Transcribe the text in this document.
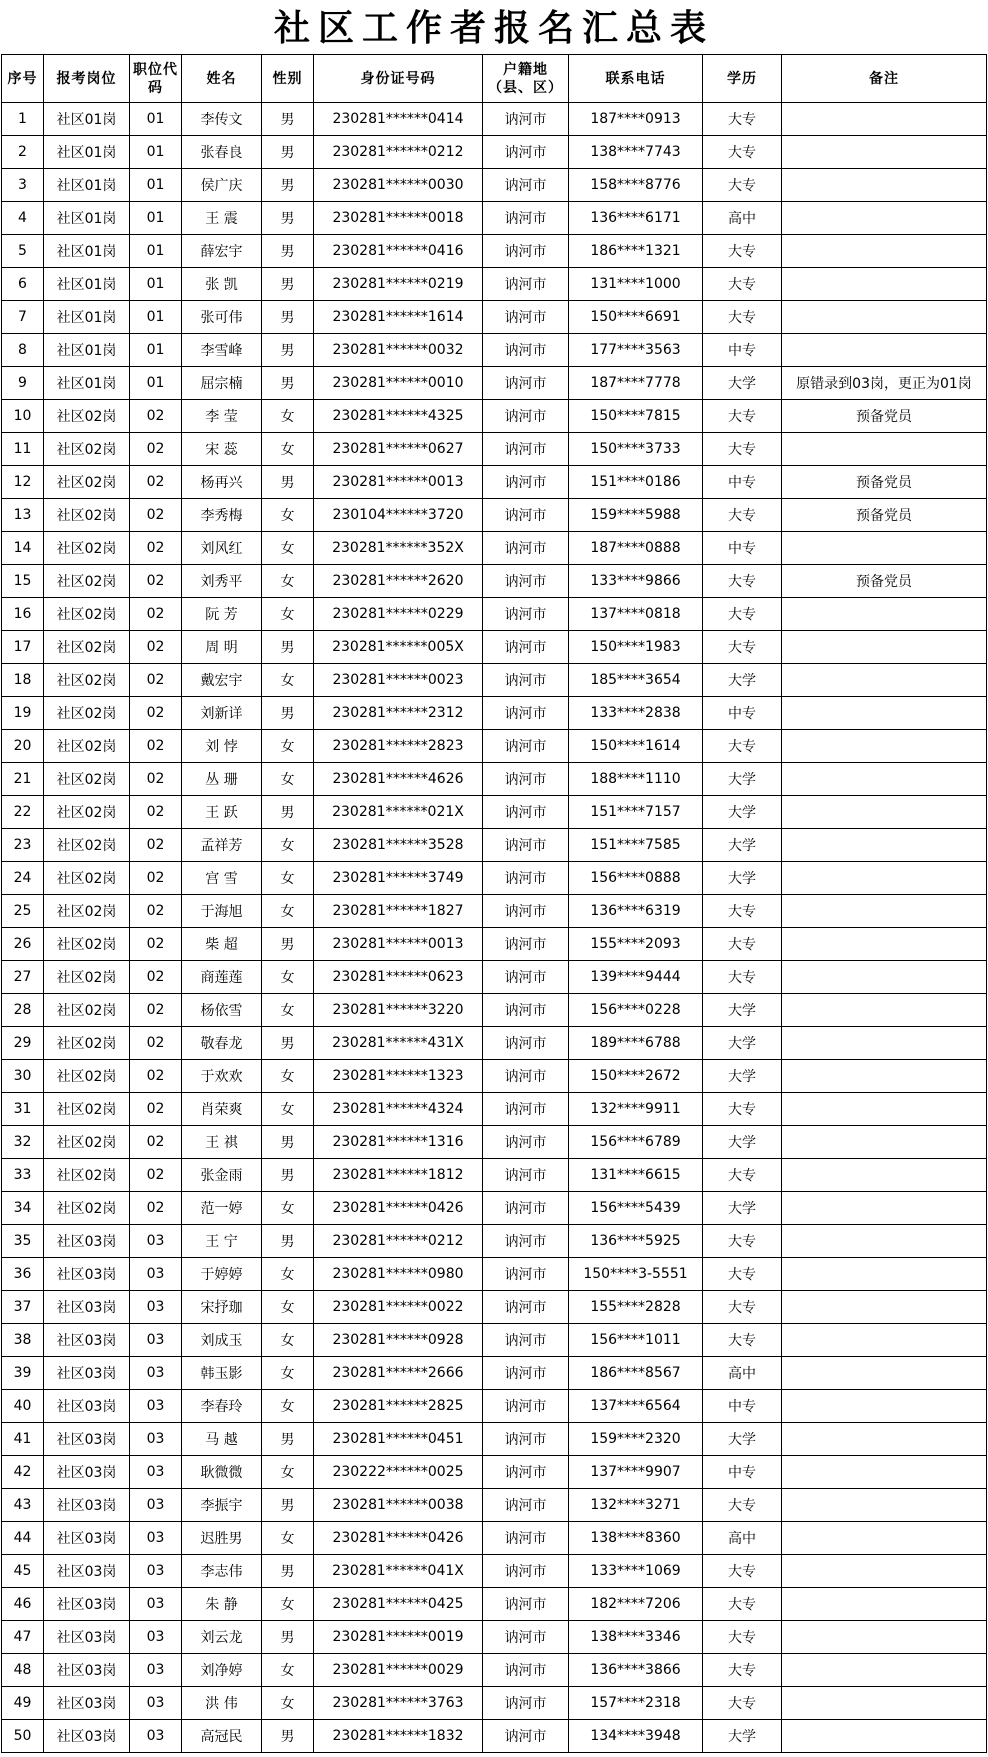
社区工作者报名汇总表
序号	报考岗位	职位代码	姓名	性别	身份证号码	户籍地（县、区）	联系电话	学历	备注
1	社区01岗	01	李传文	男	230281******0414	讷河市	187****0913	大专	
2	社区01岗	01	张春良	男	230281******0212	讷河市	138****7743	大专	
3	社区01岗	01	侯广庆	男	230281******0030	讷河市	158****8776	大专	
4	社区01岗	01	王 震	男	230281******0018	讷河市	136****6171	高中	
5	社区01岗	01	薛宏宇	男	230281******0416	讷河市	186****1321	大专	
6	社区01岗	01	张 凯	男	230281******0219	讷河市	131****1000	大专	
7	社区01岗	01	张可伟	男	230281******1614	讷河市	150****6691	大专	
8	社区01岗	01	李雪峰	男	230281******0032	讷河市	177****3563	中专	
9	社区01岗	01	屈宗楠	男	230281******0010	讷河市	187****7778	大学	原错录到03岗，更正为01岗
10	社区02岗	02	李 莹	女	230281******4325	讷河市	150****7815	大专	预备党员
11	社区02岗	02	宋 蕊	女	230281******0627	讷河市	150****3733	大专	
12	社区02岗	02	杨再兴	男	230281******0013	讷河市	151****0186	中专	预备党员
13	社区02岗	02	李秀梅	女	230104******3720	讷河市	159****5988	大专	预备党员
14	社区02岗	02	刘风红	女	230281******352X	讷河市	187****0888	中专	
15	社区02岗	02	刘秀平	女	230281******2620	讷河市	133****9866	大专	预备党员
16	社区02岗	02	阮 芳	女	230281******0229	讷河市	137****0818	大专	
17	社区02岗	02	周 明	男	230281******005X	讷河市	150****1983	大专	
18	社区02岗	02	戴宏宇	女	230281******0023	讷河市	185****3654	大学	
19	社区02岗	02	刘新详	男	230281******2312	讷河市	133****2838	中专	
20	社区02岗	02	刘 悖	女	230281******2823	讷河市	150****1614	大专	
21	社区02岗	02	丛 珊	女	230281******4626	讷河市	188****1110	大学	
22	社区02岗	02	王 跃	男	230281******021X	讷河市	151****7157	大学	
23	社区02岗	02	孟祥芳	女	230281******3528	讷河市	151****7585	大学	
24	社区02岗	02	宫 雪	女	230281******3749	讷河市	156****0888	大学	
25	社区02岗	02	于海旭	女	230281******1827	讷河市	136****6319	大专	
26	社区02岗	02	柴 超	男	230281******0013	讷河市	155****2093	大专	
27	社区02岗	02	商莲莲	女	230281******0623	讷河市	139****9444	大专	
28	社区02岗	02	杨依雪	女	230281******3220	讷河市	156****0228	大学	
29	社区02岗	02	敬春龙	男	230281******431X	讷河市	189****6788	大学	
30	社区02岗	02	于欢欢	女	230281******1323	讷河市	150****2672	大学	
31	社区02岗	02	肖荣爽	女	230281******4324	讷河市	132****9911	大专	
32	社区02岗	02	王 祺	男	230281******1316	讷河市	156****6789	大学	
33	社区02岗	02	张金雨	男	230281******1812	讷河市	131****6615	大专	
34	社区02岗	02	范一婷	女	230281******0426	讷河市	156****5439	大学	
35	社区03岗	03	王 宁	男	230281******0212	讷河市	136****5925	大专	
36	社区03岗	03	于婷婷	女	230281******0980	讷河市	150****3-5551	大专	
37	社区03岗	03	宋抒珈	女	230281******0022	讷河市	155****2828	大专	
38	社区03岗	03	刘成玉	女	230281******0928	讷河市	156****1011	大专	
39	社区03岗	03	韩玉影	女	230281******2666	讷河市	186****8567	高中	
40	社区03岗	03	李春玲	女	230281******2825	讷河市	137****6564	中专	
41	社区03岗	03	马 越	男	230281******0451	讷河市	159****2320	大学	
42	社区03岗	03	耿微微	女	230222******0025	讷河市	137****9907	中专	
43	社区03岗	03	李振宇	男	230281******0038	讷河市	132****3271	大专	
44	社区03岗	03	迟胜男	女	230281******0426	讷河市	138****8360	高中	
45	社区03岗	03	李志伟	男	230281******041X	讷河市	133****1069	大专	
46	社区03岗	03	朱 静	女	230281******0425	讷河市	182****7206	大专	
47	社区03岗	03	刘云龙	男	230281******0019	讷河市	138****3346	大专	
48	社区03岗	03	刘净婷	女	230281******0029	讷河市	136****3866	大专	
49	社区03岗	03	洪 伟	女	230281******3763	讷河市	157****2318	大专	
50	社区03岗	03	高冠民	男	230281******1832	讷河市	134****3948	大学	
